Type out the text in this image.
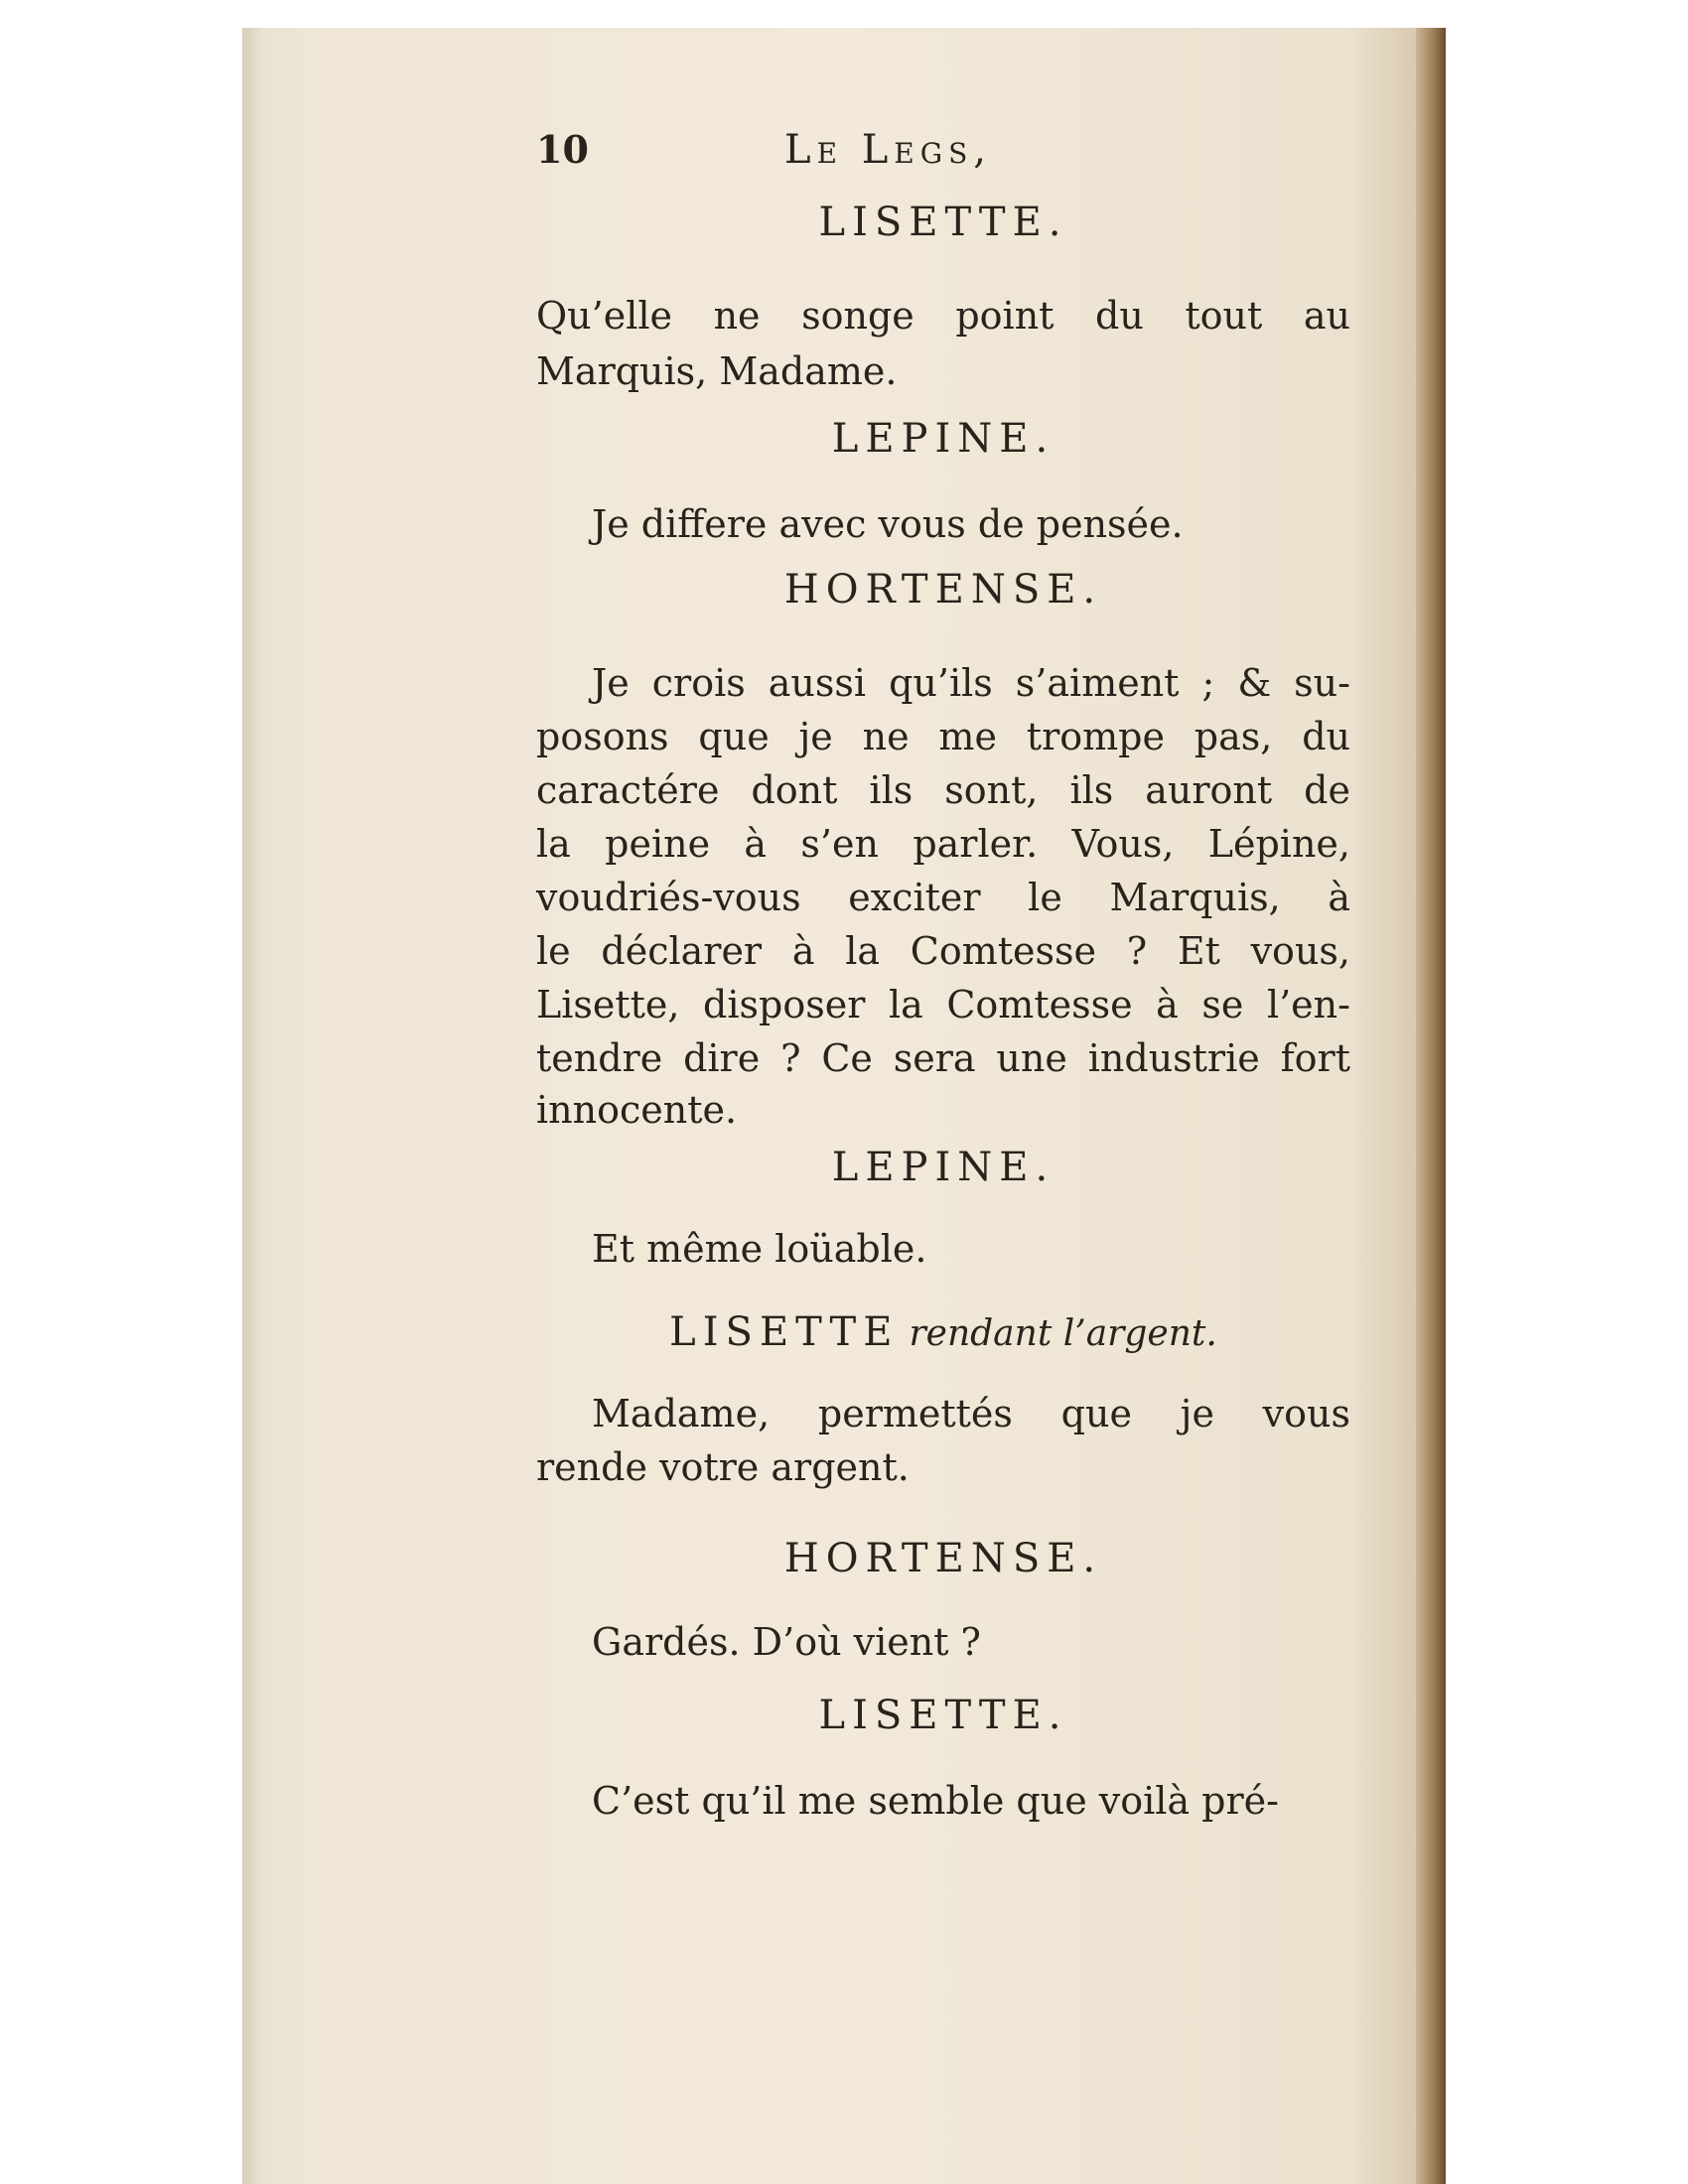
10	Le Legs,
LISETTE.
Qu’elle ne songe point du tout au
Marquis, Madame.
LEPINE.
Je differe avec vous de pensée.
HORTENSE.
Je crois aussi qu’ils s’aiment ; & su-
posons que je ne me trompe pas, du
caractére dont ils sont, ils auront de
la peine à s’en parler. Vous, Lépine,
voudriés-vous exciter le Marquis, à
le déclarer à la Comtesse ? Et vous,
Lisette, disposer la Comtesse à se l’en-
tendre dire ? Ce sera une industrie fort
innocente.
LEPINE.
Et même loüable.
LISETTE rendant l’argent.
Madame, permettés que je vous
rende votre argent.
HORTENSE.
Gardés. D’où vient ?
LISETTE.
C’est qu’il me semble que voilà pré-
